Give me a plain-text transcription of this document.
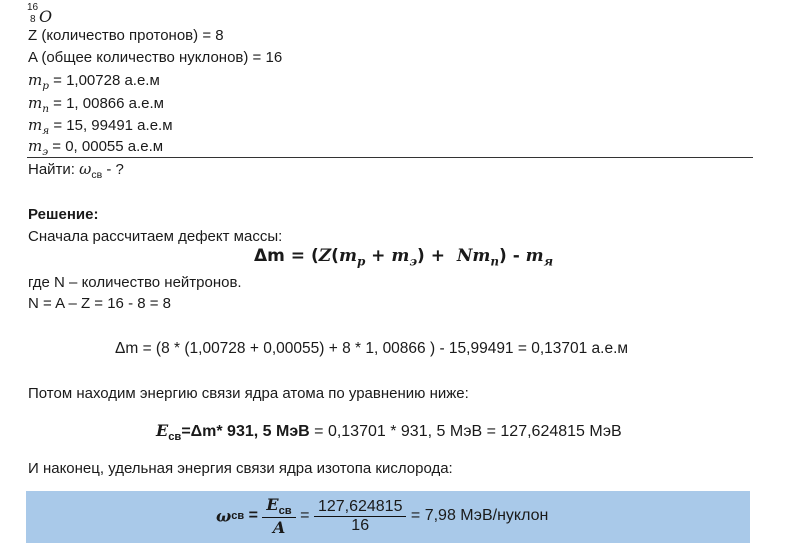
16
8 O
Z (количество протонов) = 8
A (общее количество нуклонов) = 16
$m_p = 1,00728$ а.е.м
$m_n = 1$, 00866 а.е.м
$m_я = 15$, 99491 а.е.м
$m_э = 0$, 00055 а.е.м
Найти: $\omega_{св}$ - ?
Решение:
Сначала рассчитаем дефект массы:
$\Delta m = (Z(m_p + m_э) + Nm_n) - m_я$
где N – количество нейтронов.
N = A – Z = 16 - 8 = 8
Δm = (8 * (1,00728 + 0,00055) + 8 * 1, 00866 ) - 15,99491 = 0,13701 а.е.м
Потом находим энергию связи ядра атома по уравнению ниже:
$E_{св}=\Delta m*$ 931, 5 МэВ = 0,13701 * 931, 5 МэВ = 127,624815 МэВ
И наконец, удельная энергия связи ядра изотопа кислорода:
$\omega св = \frac{E_{св}}{A} = \frac{127,624815}{16} = 7,98$ МэВ/нуклон
